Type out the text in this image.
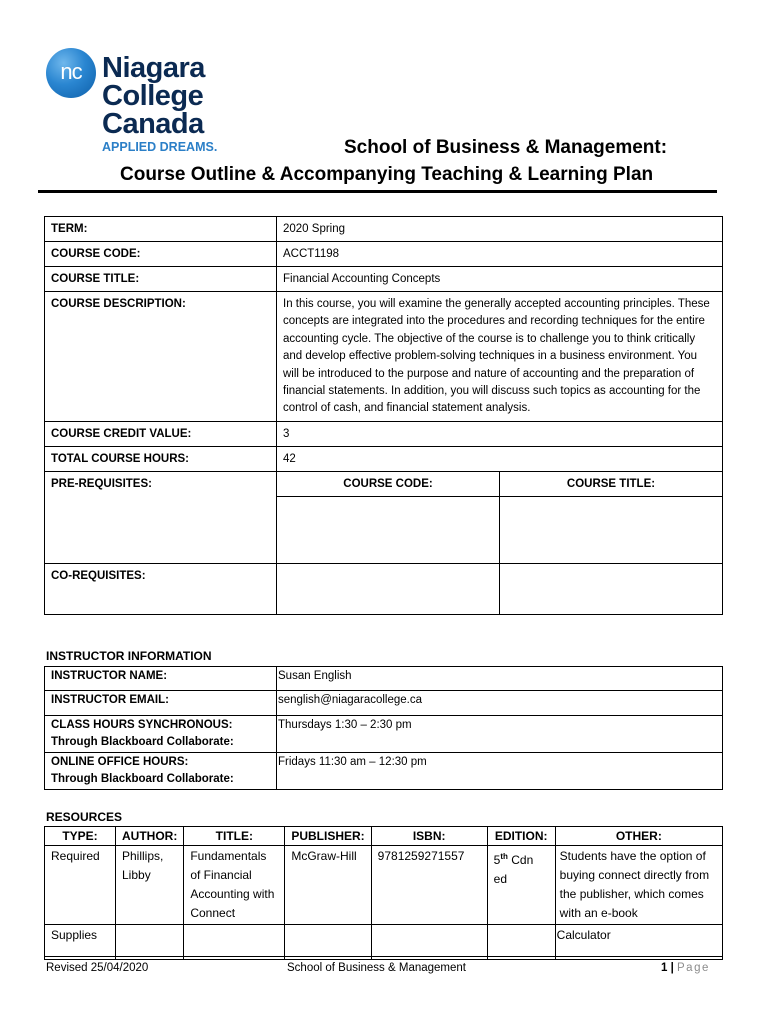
nc Niagara
College
Canada
APPLIED DREAMS.	School of Business & Management:
Course Outline & Accompanying Teaching & Learning Plan
TERM:	2020 Spring	
COURSE CODE:	ACCT1198	
COURSE TITLE:	Financial Accounting Concepts	
COURSE DESCRIPTION:	In this course, you will examine the generally accepted accounting principles. These concepts are integrated into the procedures and recording techniques for the entire accounting cycle. The objective of the course is to challenge you to think critically and develop effective problem-solving techniques in a business environment. You will be introduced to the purpose and nature of accounting and the preparation of financial statements. In addition, you will discuss such topics as accounting for the control of cash, and financial statement analysis.	
COURSE CREDIT VALUE:	3	
TOTAL COURSE HOURS:	42	
PRE-REQUISITES:	COURSE CODE:	COURSE TITLE:

CO-REQUISITES:		
INSTRUCTOR INFORMATION
INSTRUCTOR NAME:	Susan English
INSTRUCTOR EMAIL:	senglish@niagaracollege.ca

CLASS HOURS SYNCHRONOUS:
Through Blackboard Collaborate:	Thursdays 1:30 – 2:30 pm

ONLINE OFFICE HOURS:
Through Blackboard Collaborate:	Fridays 11:30 am – 12:30 pm
RESOURCES
TYPE:	AUTHOR:	TITLE:	PUBLISHER:	ISBN:	EDITION:	OTHER:
Required	Phillips, Libby	Fundamentals of Financial Accounting with Connect	McGraw-Hill	9781259271557	5th Cdn ed	Students have the option of buying connect directly from the publisher, which comes with an e-book
Supplies						Calculator
Revised 25/04/2020	School of Business & Management	1 | Page
